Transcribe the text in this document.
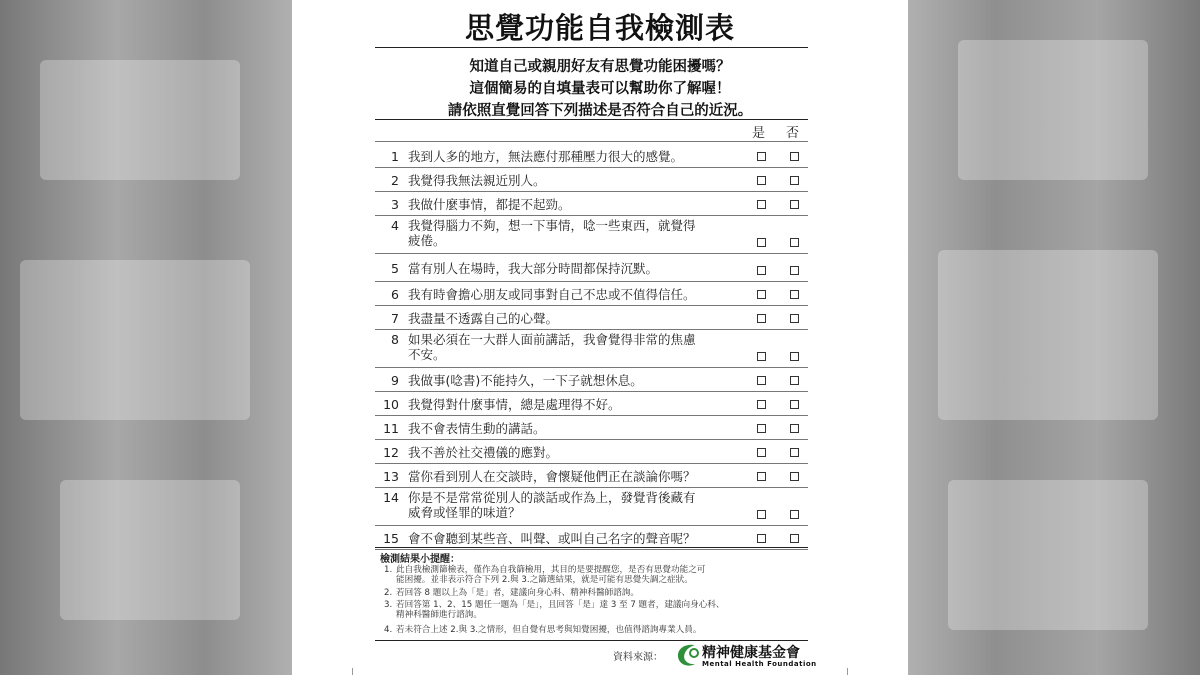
思覺功能自我檢測表
知道自己或親朋好友有思覺功能困擾嗎？
這個簡易的自填量表可以幫助你了解喔！
請依照直覺回答下列描述是否符合自己的近況。
是 否
1 我到人多的地方，無法應付那種壓力很大的感覺。
2 我覺得我無法親近別人。
3 我做什麼事情，都提不起勁。
4 我覺得腦力不夠，想一下事情，唸一些東西，就覺得
疲倦。
5 當有別人在場時，我大部分時間都保持沉默。
6 我有時會擔心朋友或同事對自己不忠或不值得信任。
7 我盡量不透露自己的心聲。
8 如果必須在一大群人面前講話，我會覺得非常的焦慮
不安。
9 我做事(唸書)不能持久，一下子就想休息。
10 我覺得對什麼事情，總是處理得不好。
11 我不會表情生動的講話。
12 我不善於社交禮儀的應對。
13 當你看到別人在交談時，會懷疑他們正在談論你嗎？
14 你是不是常常從別人的談話或作為上，發覺背後藏有
威脅或怪罪的味道？
15 會不會聽到某些音、叫聲、或叫自己名字的聲音呢？
檢測結果小提醒：
1. 此自我檢測篩檢表，僅作為自我篩檢用，其目的是要提醒您，是否有思覺功能之可
能困擾。並非表示符合下列 2.與 3.之篩選結果，就是可能有思覺失調之症狀。
2. 若回答 8 題以上為「是」者，建議向身心科、精神科醫師諮詢。
3. 若回答第 1、2、15 題任一題為「是」，且回答「是」達 3 至 7 題者，建議向身心科、
精神科醫師進行諮詢。
4. 若未符合上述 2.與 3.之情形，但自覺有思考與知覺困擾，也值得諮詢專業人員。
資料來源：	精神健康基金會
Mental Health Foundation
